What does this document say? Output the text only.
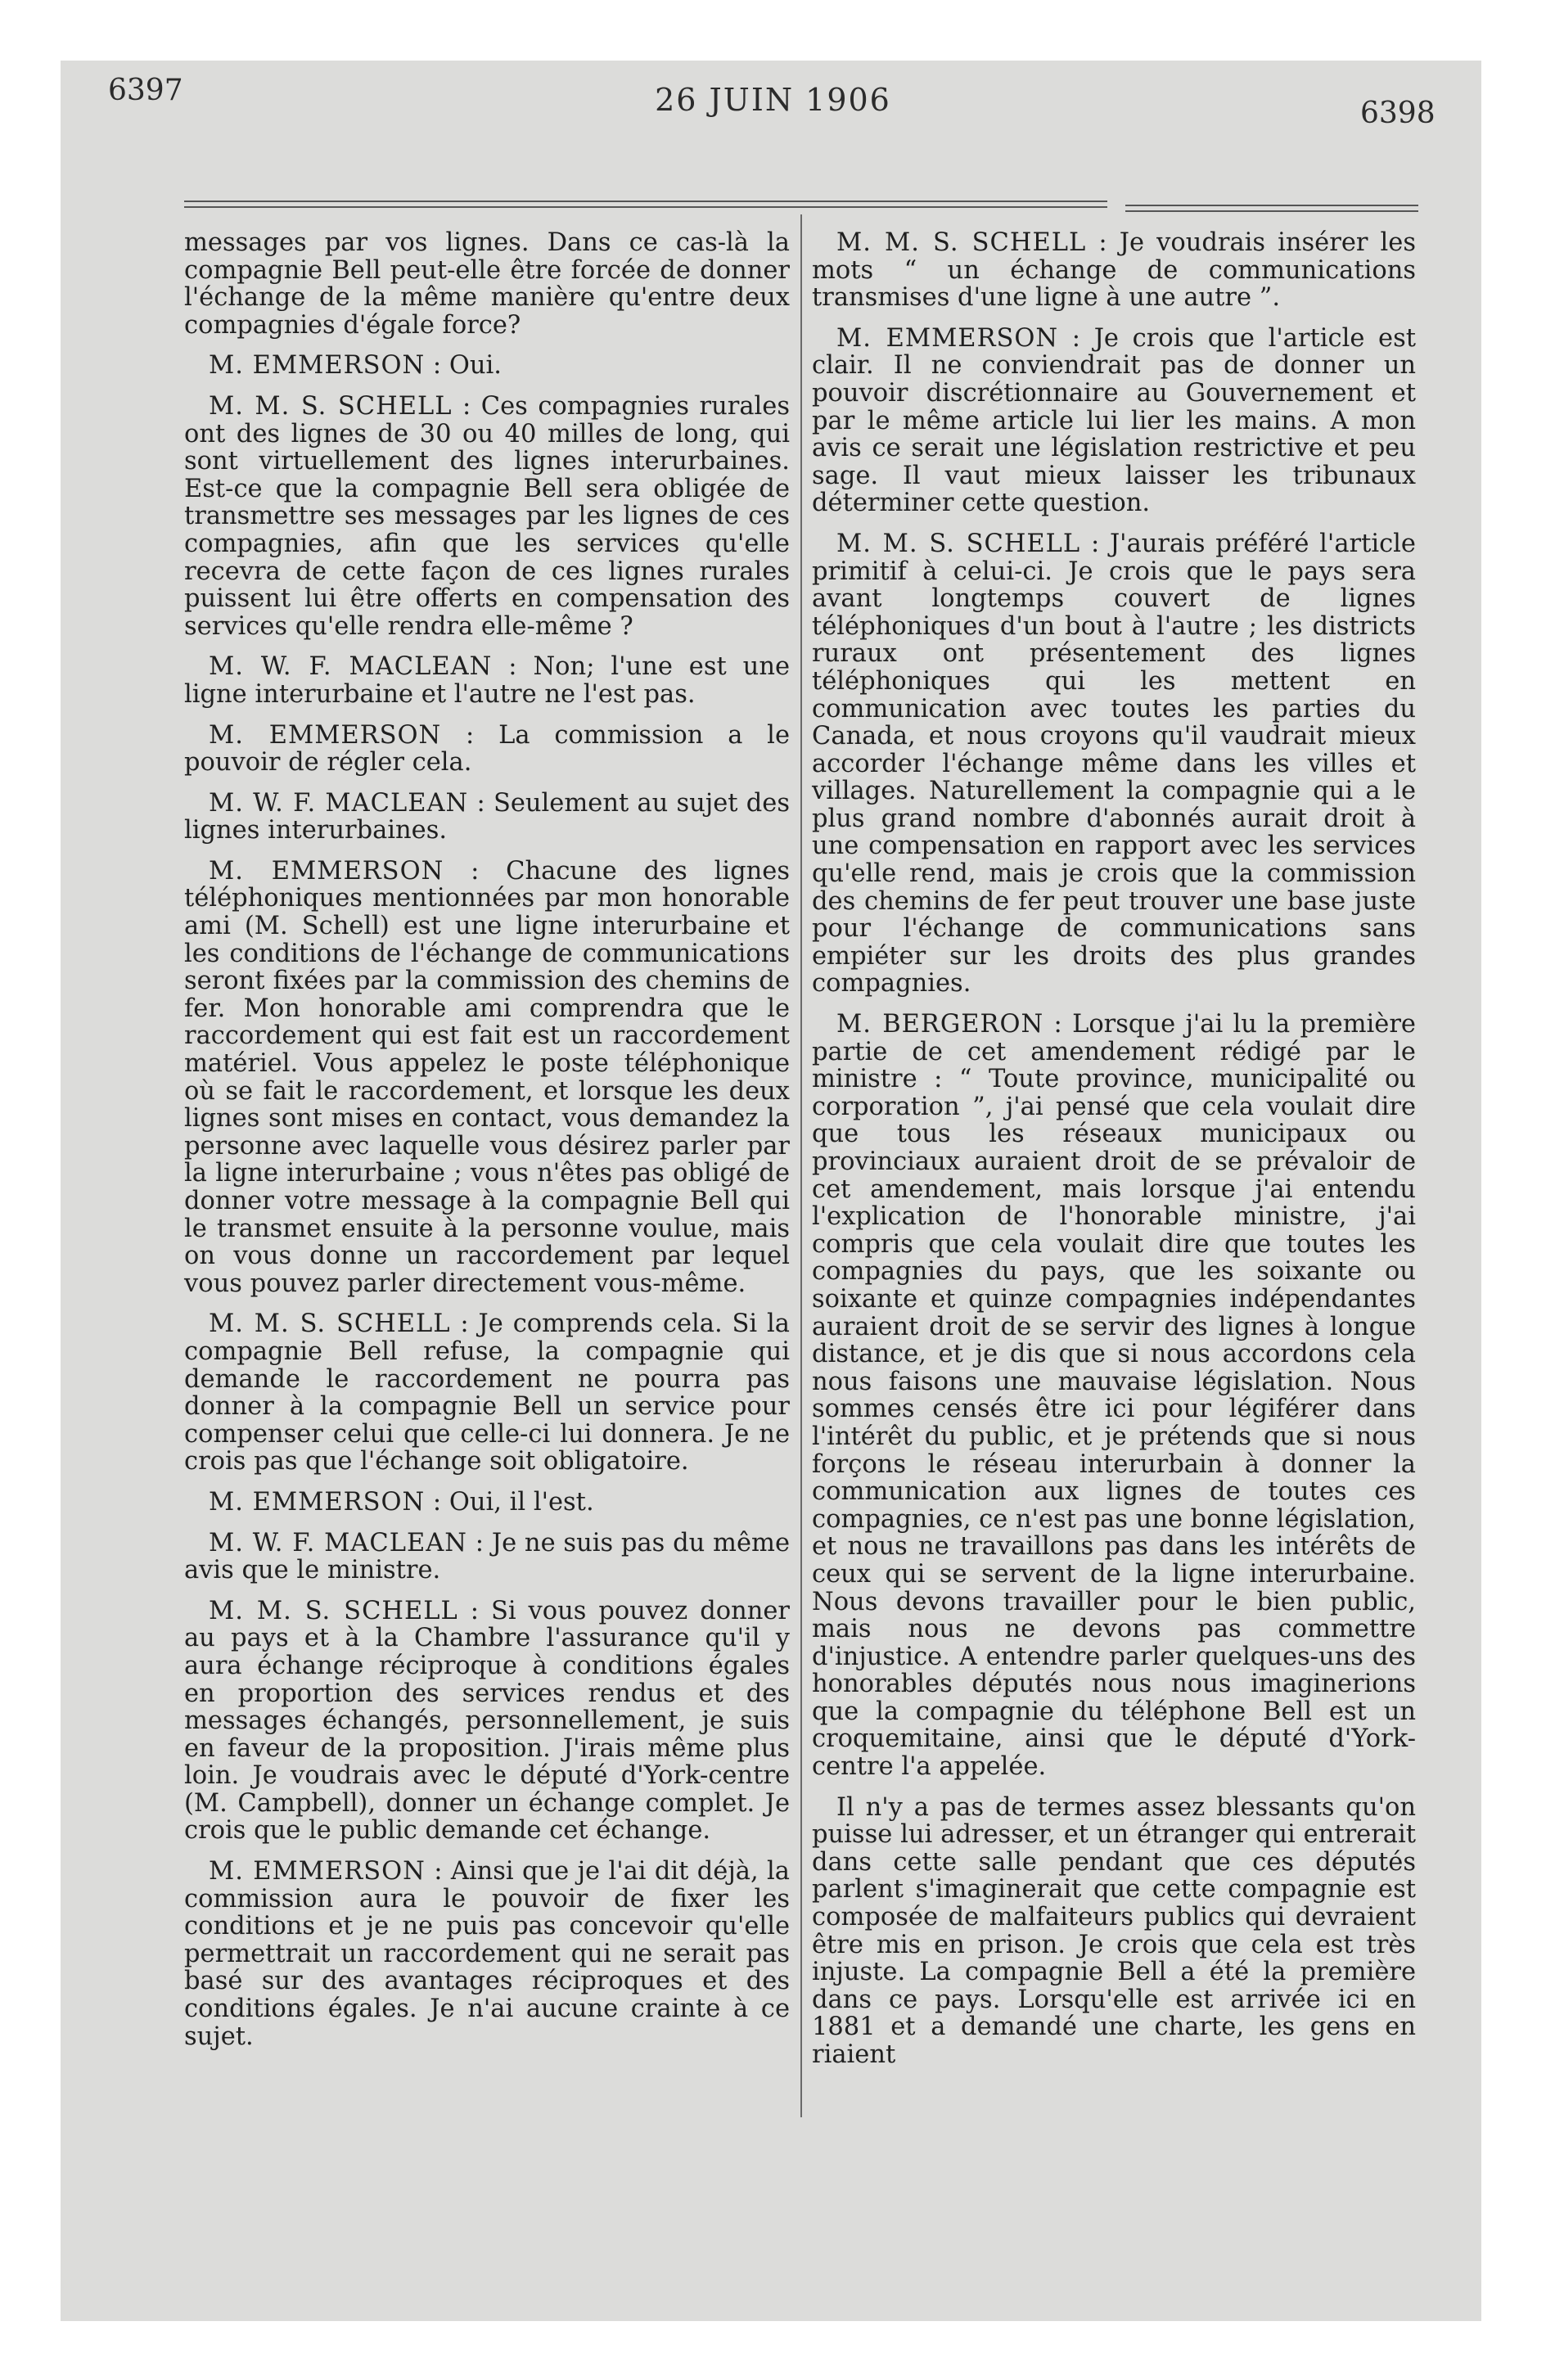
6397	26 JUIN 1906	6398

messages par vos lignes. Dans ce cas-là la compagnie Bell peut-elle être forcée de donner l'échange de la même manière qu'entre deux compagnies d'égale force?

M. EMMERSON : Oui.

M. M. S. SCHELL : Ces compagnies rurales ont des lignes de 30 ou 40 milles de long, qui sont virtuellement des lignes interurbaines. Est-ce que la compagnie Bell sera obligée de transmettre ses messages par les lignes de ces compagnies, afin que les services qu'elle recevra de cette façon de ces lignes rurales puissent lui être offerts en compensation des services qu'elle rendra elle-même ?

M. W. F. MACLEAN : Non; l'une est une ligne interurbaine et l'autre ne l'est pas.

M. EMMERSON : La commission a le pouvoir de régler cela.

M. W. F. MACLEAN : Seulement au sujet des lignes interurbaines.

M. EMMERSON : Chacune des lignes téléphoniques mentionnées par mon honorable ami (M. Schell) est une ligne interurbaine et les conditions de l'échange de communications seront fixées par la commission des chemins de fer. Mon honorable ami comprendra que le raccordement qui est fait est un raccordement matériel. Vous appelez le poste téléphonique où se fait le raccordement, et lorsque les deux lignes sont mises en contact, vous demandez la personne avec laquelle vous désirez parler par la ligne interurbaine ; vous n'êtes pas obligé de donner votre message à la compagnie Bell qui le transmet ensuite à la personne voulue, mais on vous donne un raccordement par lequel vous pouvez parler directement vous-même.

M. M. S. SCHELL : Je comprends cela. Si la compagnie Bell refuse, la compagnie qui demande le raccordement ne pourra pas donner à la compagnie Bell un service pour compenser celui que celle-ci lui donnera. Je ne crois pas que l'échange soit obligatoire.

M. EMMERSON : Oui, il l'est.

M. W. F. MACLEAN : Je ne suis pas du même avis que le ministre.

M. M. S. SCHELL : Si vous pouvez donner au pays et à la Chambre l'assurance qu'il y aura échange réciproque à conditions égales en proportion des services rendus et des messages échangés, personnellement, je suis en faveur de la proposition. J'irais même plus loin. Je voudrais avec le député d'York-centre (M. Campbell), donner un échange complet. Je crois que le public demande cet échange.

M. EMMERSON : Ainsi que je l'ai dit déjà, la commission aura le pouvoir de fixer les conditions et je ne puis pas concevoir qu'elle permettrait un raccordement qui ne serait pas basé sur des avantages réciproques et des conditions égales. Je n'ai aucune crainte à ce sujet.

M. M. S. SCHELL : Je voudrais insérer les mots “ un échange de communications transmises d'une ligne à une autre ”.

M. EMMERSON : Je crois que l'article est clair. Il ne conviendrait pas de donner un pouvoir discrétionnaire au Gouvernement et par le même article lui lier les mains. A mon avis ce serait une législation restrictive et peu sage. Il vaut mieux laisser les tribunaux déterminer cette question.

M. M. S. SCHELL : J'aurais préféré l'article primitif à celui-ci. Je crois que le pays sera avant longtemps couvert de lignes téléphoniques d'un bout à l'autre ; les districts ruraux ont présentement des lignes téléphoniques qui les mettent en communication avec toutes les parties du Canada, et nous croyons qu'il vaudrait mieux accorder l'échange même dans les villes et villages. Naturellement la compagnie qui a le plus grand nombre d'abonnés aurait droit à une compensation en rapport avec les services qu'elle rend, mais je crois que la commission des chemins de fer peut trouver une base juste pour l'échange de communications sans empiéter sur les droits des plus grandes compagnies.

M. BERGERON : Lorsque j'ai lu la première partie de cet amendement rédigé par le ministre : “ Toute province, municipalité ou corporation ”, j'ai pensé que cela voulait dire que tous les réseaux municipaux ou provinciaux auraient droit de se prévaloir de cet amendement, mais lorsque j'ai entendu l'explication de l'honorable ministre, j'ai compris que cela voulait dire que toutes les compagnies du pays, que les soixante ou soixante et quinze compagnies indépendantes auraient droit de se servir des lignes à longue distance, et je dis que si nous accordons cela nous faisons une mauvaise législation. Nous sommes censés être ici pour légiférer dans l'intérêt du public, et je prétends que si nous forçons le réseau interurbain à donner la communication aux lignes de toutes ces compagnies, ce n'est pas une bonne législation, et nous ne travaillons pas dans les intérêts de ceux qui se servent de la ligne interurbaine. Nous devons travailler pour le bien public, mais nous ne devons pas commettre d'injustice. A entendre parler quelques-uns des honorables députés nous nous imaginerions que la compagnie du téléphone Bell est un croquemitaine, ainsi que le député d'York-centre l'a appelée.

Il n'y a pas de termes assez blessants qu'on puisse lui adresser, et un étranger qui entrerait dans cette salle pendant que ces députés parlent s'imaginerait que cette compagnie est composée de malfaiteurs publics qui devraient être mis en prison. Je crois que cela est très injuste. La compagnie Bell a été la première dans ce pays. Lorsqu'elle est arrivée ici en 1881 et a demandé une charte, les gens en riaient
